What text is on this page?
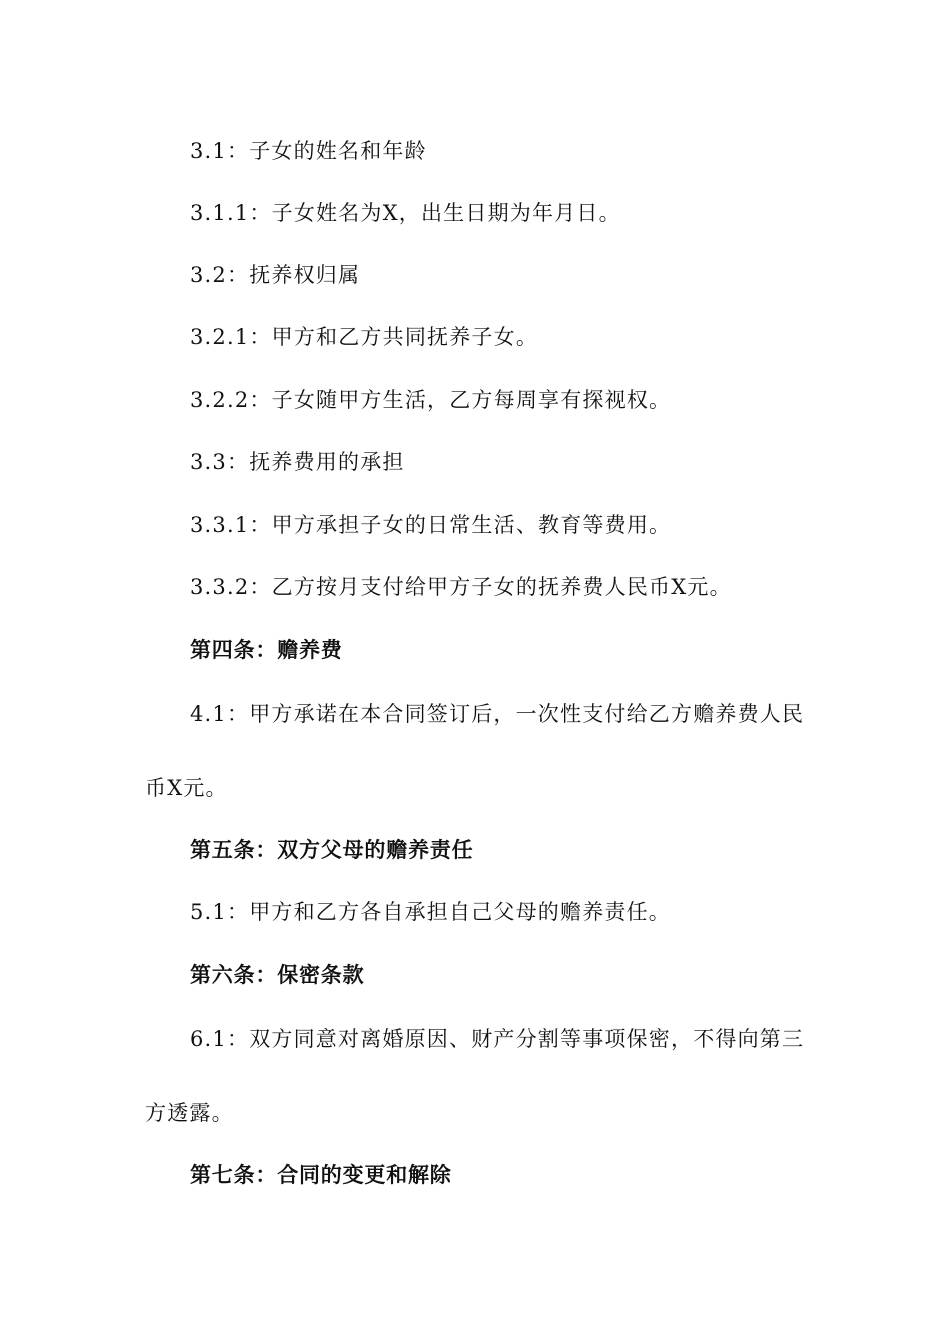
3.1：子女的姓名和年龄
3.1.1：子女姓名为X，出生日期为年月日。
3.2：抚养权归属
3.2.1：甲方和乙方共同抚养子女。
3.2.2：子女随甲方生活，乙方每周享有探视权。
3.3：抚养费用的承担
3.3.1：甲方承担子女的日常生活、教育等费用。
3.3.2：乙方按月支付给甲方子女的抚养费人民币X元。
第四条：赡养费
4.1：甲方承诺在本合同签订后，一次性支付给乙方赡养费人民币X元。
第五条：双方父母的赡养责任
5.1：甲方和乙方各自承担自己父母的赡养责任。
第六条：保密条款
6.1：双方同意对离婚原因、财产分割等事项保密，不得向第三方透露。
第七条：合同的变更和解除
